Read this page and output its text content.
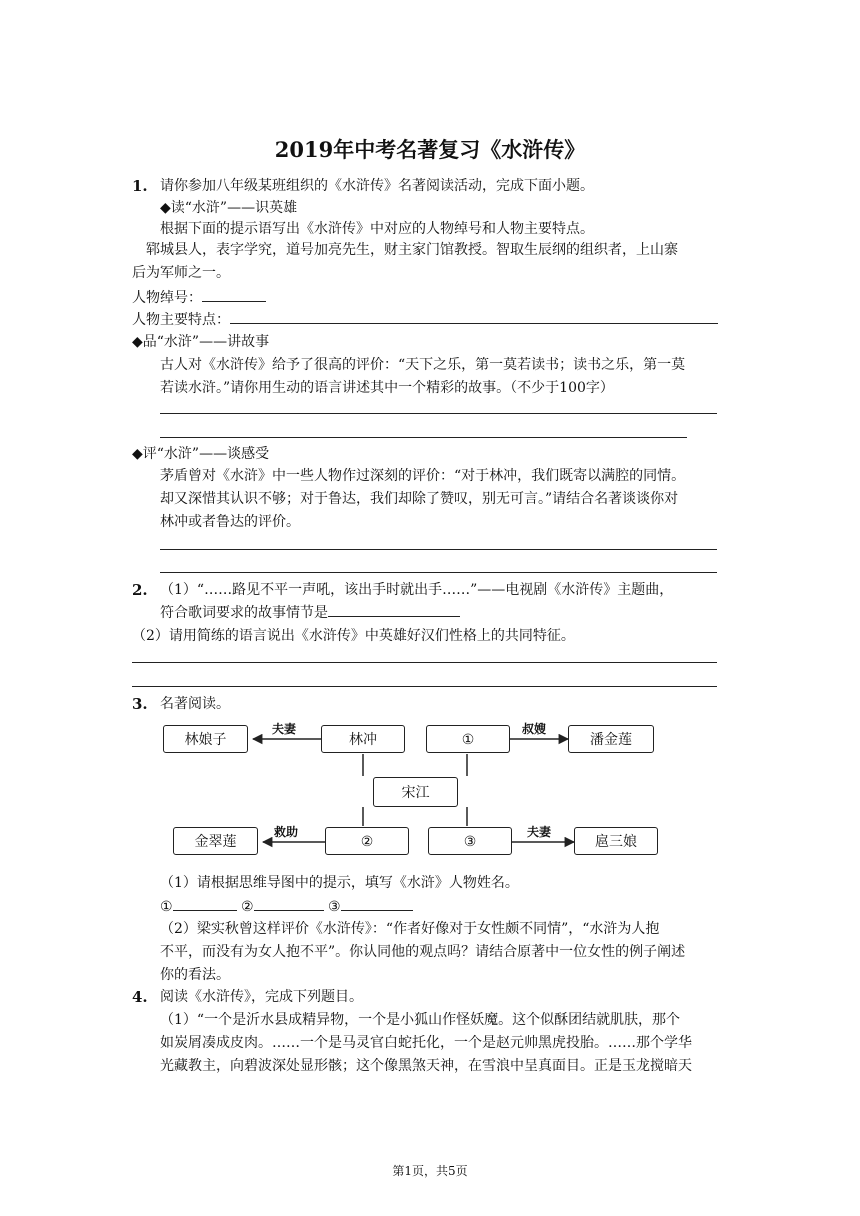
2019年中考名著复习《水浒传》
1. 请你参加八年级某班组织的《水浒传》名著阅读活动，完成下面小题。
◆读“水浒”——识英雄
根据下面的提示语写出《水浒传》中对应的人物绰号和人物主要特点。
郓城县人，表字学究，道号加亮先生，财主家门馆教授。智取生辰纲的组织者，上山寨
后为军师之一。
人物绰号：
人物主要特点：
◆品“水浒”——讲故事
古人对《水浒传》给予了很高的评价：“天下之乐，第一莫若读书；读书之乐，第一莫
若读水浒。”请你用生动的语言讲述其中一个精彩的故事。（不少于100字）
◆评“水浒”——谈感受
茅盾曾对《水浒》中一些人物作过深刻的评价：“对于林冲，我们既寄以满腔的同情。
却又深惜其认识不够；对于鲁达，我们却除了赞叹，别无可言。”请结合名著谈谈你对
林冲或者鲁达的评价。
2. （1）“……路见不平一声吼，该出手时就出手……”——电视剧《水浒传》主题曲，
符合歌词要求的故事情节是
（2）请用简练的语言说出《水浒传》中英雄好汉们性格上的共同特征。
3. 名著阅读。
林娘子	林冲	①	潘金莲
宋江
金翠莲	②	③	扈三娘
夫妻	叔嫂
救助	夫妻
（1）请根据思维导图中的提示，填写《水浒》人物姓名。
①	②	③
（2）梁实秋曾这样评价《水浒传》：“作者好像对于女性颇不同情”，“水浒为人抱
不平，而没有为女人抱不平”。你认同他的观点吗？请结合原著中一位女性的例子阐述
你的看法。
4. 阅读《水浒传》，完成下列题目。
（1）“一个是沂水县成精异物，一个是小狐山作怪妖魔。这个似酥团结就肌肤，那个
如炭屑凑成皮肉。……一个是马灵官白蛇托化，一个是赵元帅黑虎投胎。……那个学华
光藏教主，向碧波深处显形骸；这个像黑煞天神，在雪浪中呈真面目。正是玉龙搅暗天
第1页，共5页
